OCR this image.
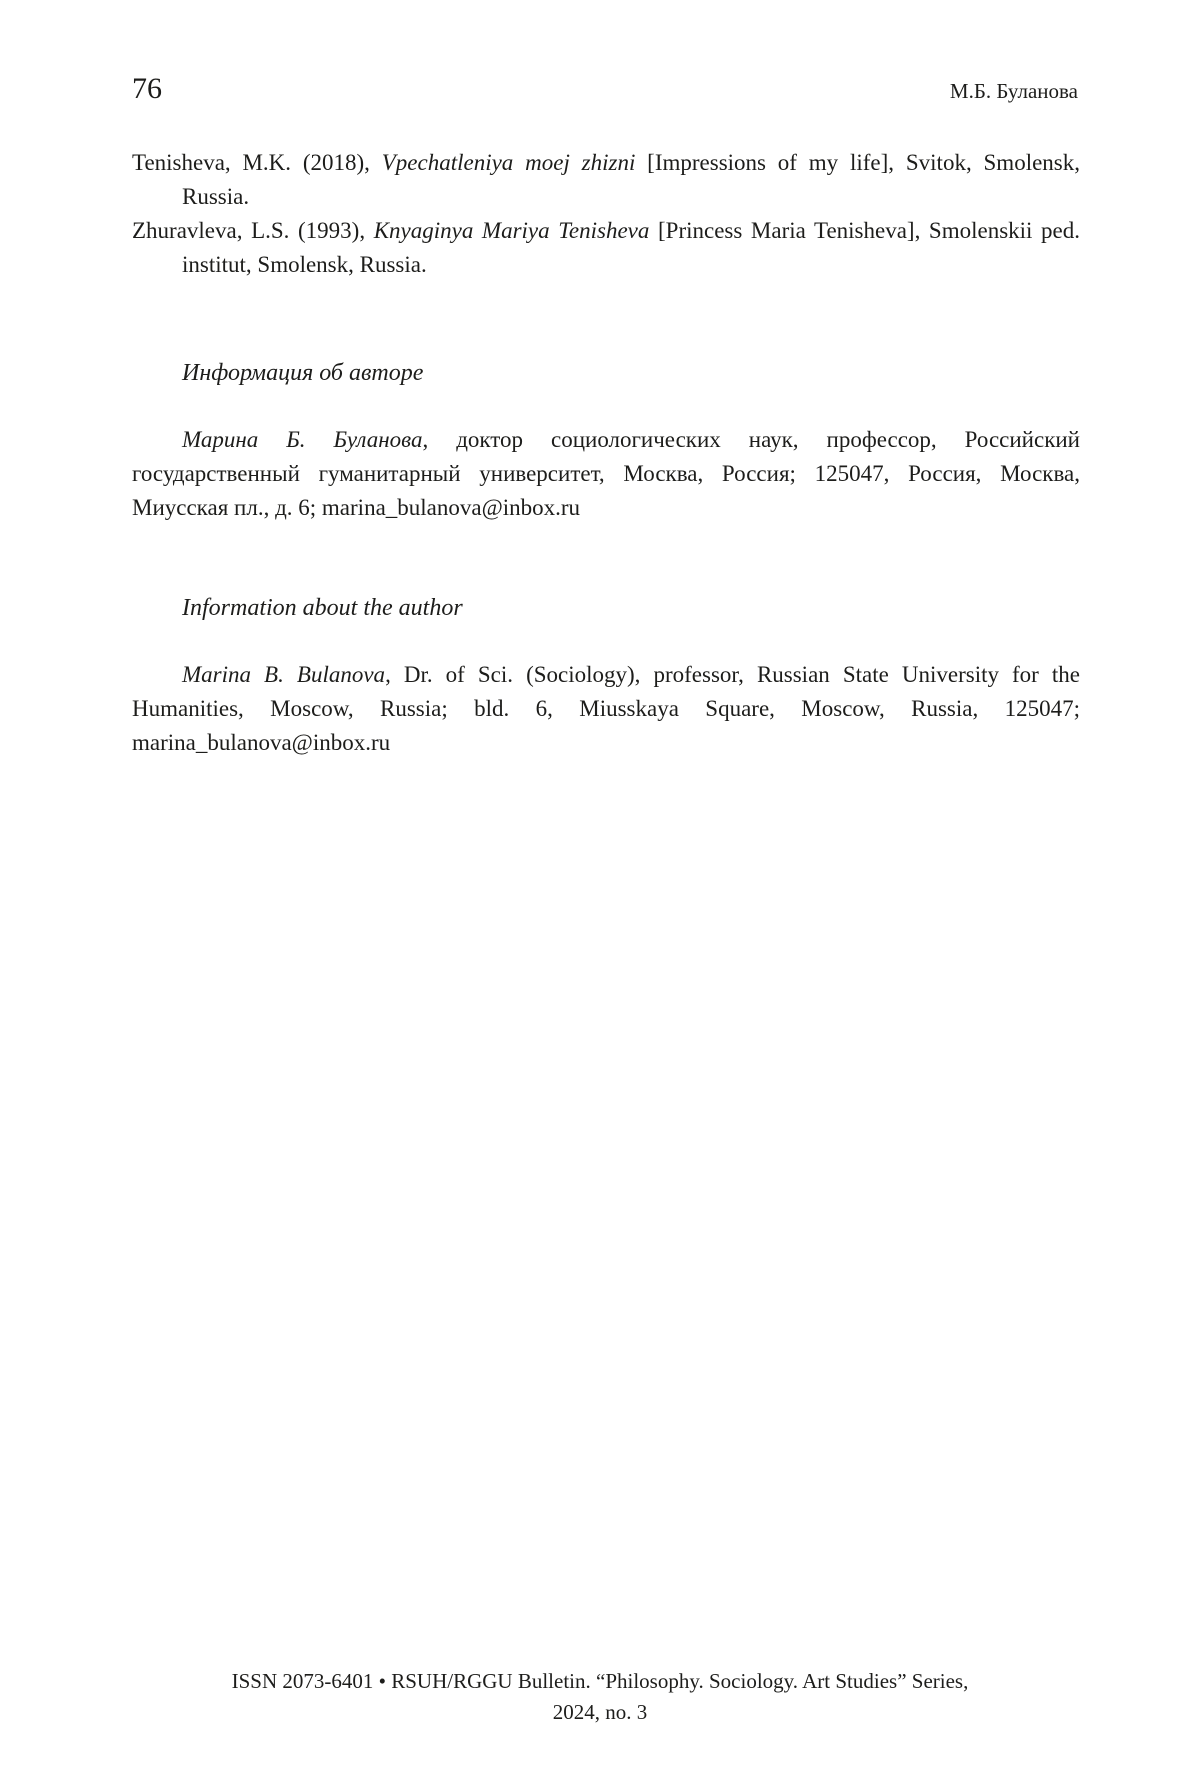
76	М.Б. Буланова
Tenisheva, M.K. (2018), Vpechatleniya moej zhizni [Impressions of my life], Svitok, Smolensk, Russia.
Zhuravleva, L.S. (1993), Knyaginya Mariya Tenisheva [Princess Maria Tenisheva], Smolenskii ped. institut, Smolensk, Russia.
Информация об авторе

Марина Б. Буланова, доктор социологических наук, профессор, Российский государственный гуманитарный университет, Москва, Россия; 125047, Россия, Москва, Миусская пл., д. 6; marina_bulanova@inbox.ru

Information about the author

Marina B. Bulanova, Dr. of Sci. (Sociology), professor, Russian State University for the Humanities, Moscow, Russia; bld. 6, Miusskaya Square, Moscow, Russia, 125047; marina_bulanova@inbox.ru

ISSN 2073-6401 • RSUH/RGGU Bulletin. “Philosophy. Sociology. Art Studies” Series,
2024, no. 3
